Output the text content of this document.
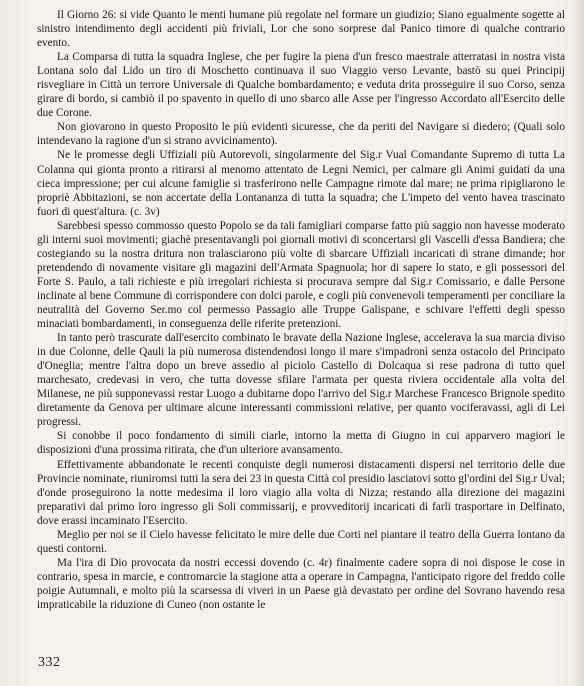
Il Giorno 26: si vide Quanto le menti humane più regolate nel formare un giudizio; Siano egualmente sogette al sinistro intendimento degli accidenti più friviali, Lor che sono sorprese dal Panico timore di qualche contrario evento.

La Comparsa di tutta la squadra Inglese, che per fugire la piena d'un fresco maestrale atterratasi in nostra vista Lontana solo dal Lido un tiro di Moschetto continuava il suo Viaggio verso Levante, bastò su quei Principij risvegliare in Città un terrore Universale di Qualche bombardamento; e veduta drita prosseguire il suo Corso, senza girare di bordo, si cambiò il po spavento in quello di uno sbarco alle Asse per l'ingresso Accordato all'Esercito delle due Corone.

Non giovarono in questo Proposito le più evidenti sicuresse, che da periti del Navigare si diedero; (Quali solo intendevano la ragione d'un si strano avvicinamento).

Ne le promesse degli Uffiziali più Autorevoli, singolarmente del Sig.r Vual Comandante Supremo di tutta La Colanna qui gionta pronto a ritirarsi al menomo attentato de Legni Nemici, per calmare gli Animi guidati da una cieca impressione; per cui alcune famiglie si trasferirono nelle Campagne rimote dal mare; ne prima ripigliarono le propriè Abbitazioni, se non accertate della Lontananza di tutta la squadra; che L'impeto del vento havea trascinato fuori di quest'altura. (c. 3v)

Sarebbesi spesso commosso questo Popolo se da tali famigliari comparse fatto più saggio non havesse moderato gli interni suoi movimenti; giachè presentavangli poi giornali motivi di sconcertarsi gli Vascelli d'essa Bandiera; che costegiando su la nostra dritura non tralasciarono più volte di sbarcare Uffiziali incaricati di strane dimande; hor pretendendo di novamente visitare gli magazini dell'Armata Spagnuola; hor di sapere lo stato, e gli possessori del Forte S. Paulo, a tali richieste e più irregolari richiesta si procurava sempre dal Sig.r Comissario, e dalle Persone inclinate al bene Commune di corrispondere con dolci parole, e cogli più convenevoli temperamenti per conciliare la neutralità del Governo Ser.mo col permesso Passagio alle Truppe Galispane, e schivare l'effetti degli spesso minaciati bombardamenti, in conseguenza delle riferite pretenzioni.

In tanto però trascurate dall'esercito combinato le bravate della Nazione Inglese, accelerava la sua marcia diviso in due Colonne, delle Qauli la più numerosa distendendosi longo il mare s'impadronì senza ostacolo del Principato d'Oneglia; mentre l'altra dopo un breve assedio al piciolo Castello di Dolcaqua si rese padrona di tutto quel marchesato, credevasi in vero, che tutta dovesse sfilare l'armata per questa riviera occidentale alla volta del Milanese, ne più supponevassi restar Luogo a dubitarne dopo l'arrivo del Sig.r Marchese Francesco Brignole spedito diretamente da Genova per ultimare alcune interessanti commissioni relative, per quanto vociferavassi, agli di Lei progressi.

Si conobbe il poco fondamento di simili ciarle, intorno la metta di Giugno in cui apparvero magiori le disposizioni d'una prossima ritirata, che d'un ulteriore avansamento.

Effettivamente abbandonate le recenti conquiste degli numerosi distacamenti dispersi nel territorio delle due Provincie nominate, riuniromsi tutti la sera dei 23 in questa Città col presidio lasciatovi sotto gl'ordini del Sig.r Uval; d'onde proseguirono la notte medesima il loro viagio alla volta di Nizza; restando alla direzione dei magazini preparativi dal primo loro ingresso gli Soli commissarij, e provveditorij incaricati di farli trasportare in Delfinato, dove erassi incaminato l'Esercito.

Meglio per noi se il Cielo havesse felicitato le mire delle due Corti nel piantare il teatro della Guerra lontano da questi contorni.

Ma l'ira di Dio provocata da nostri eccessi dovendo (c. 4r) finalmente cadere sopra di noi dispose le cose in contrario, spesa in marcie, e contromarcie la stagione atta a operare in Campagna, l'anticipato rigore del freddo colle poigie Autumnali, e molto più la scarsessa di viveri in un Paese già devastato per ordine del Sovrano havendo resa impraticabile la riduzione di Cuneo (non ostante le

332
